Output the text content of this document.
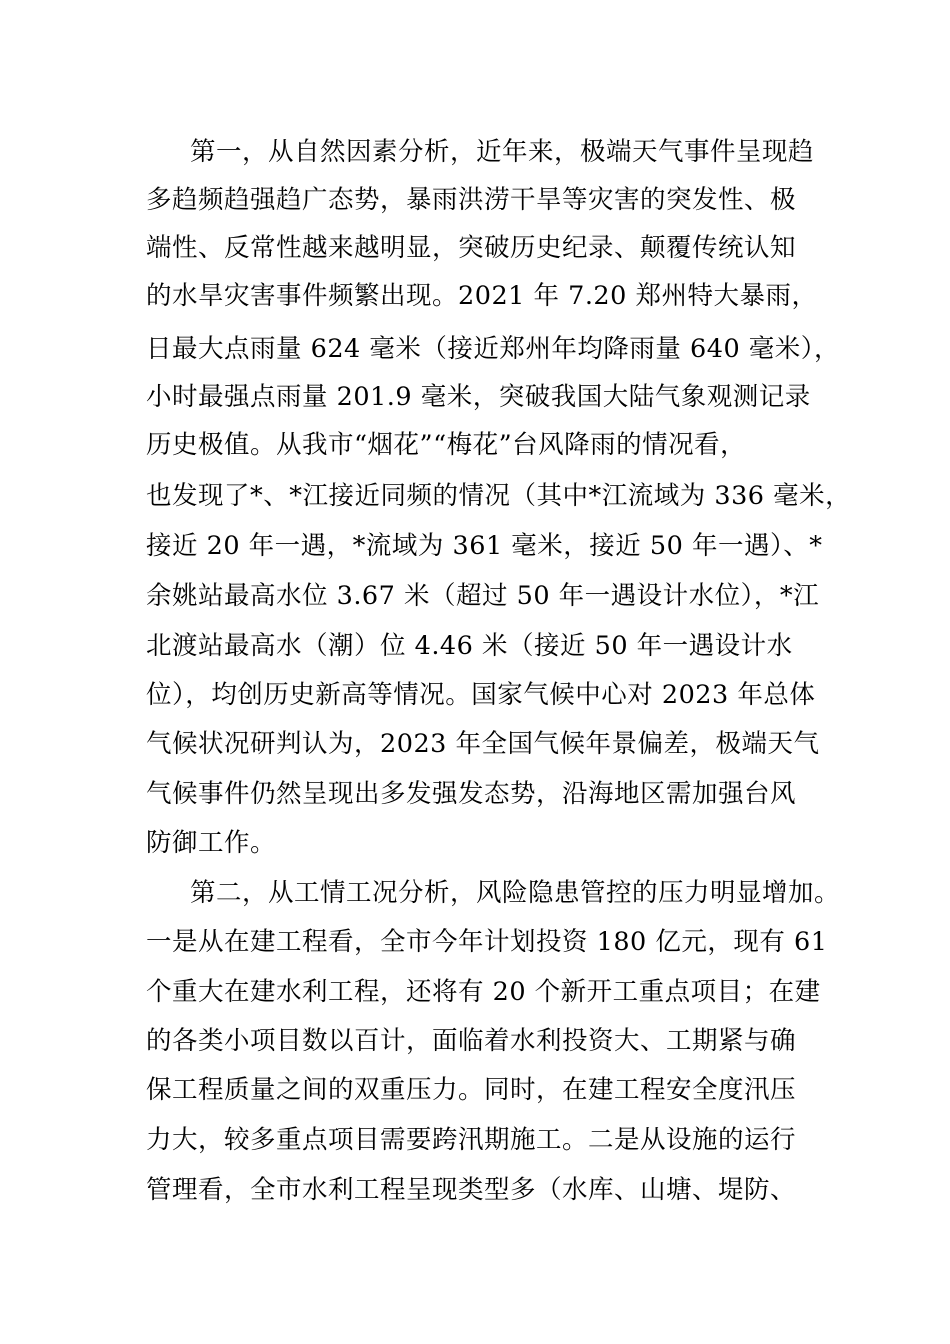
第一，从自然因素分析，近年来，极端天气事件呈现趋
多趋频趋强趋广态势，暴雨洪涝干旱等灾害的突发性、极
端性、反常性越来越明显，突破历史纪录、颠覆传统认知
的水旱灾害事件频繁出现。2021 年 7.20 郑州特大暴雨，
日最大点雨量 624 毫米（接近郑州年均降雨量 640 毫米），
小时最强点雨量 201.9 毫米，突破我国大陆气象观测记录
历史极值。从我市“烟花”“梅花”台风降雨的情况看，
也发现了*、*江接近同频的情况（其中*江流域为 336 毫米，
接近 20 年一遇，*流域为 361 毫米，接近 50 年一遇）、*
余姚站最高水位 3.67 米（超过 50 年一遇设计水位），*江
北渡站最高水（潮）位 4.46 米（接近 50 年一遇设计水
位），均创历史新高等情况。国家气候中心对 2023 年总体
气候状况研判认为，2023 年全国气候年景偏差，极端天气
气候事件仍然呈现出多发强发态势，沿海地区需加强台风
防御工作。
第二，从工情工况分析，风险隐患管控的压力明显增加。
一是从在建工程看，全市今年计划投资 180 亿元，现有 61
个重大在建水利工程，还将有 20 个新开工重点项目；在建
的各类小项目数以百计，面临着水利投资大、工期紧与确
保工程质量之间的双重压力。同时，在建工程安全度汛压
力大，较多重点项目需要跨汛期施工。二是从设施的运行
管理看，全市水利工程呈现类型多（水库、山塘、堤防、
